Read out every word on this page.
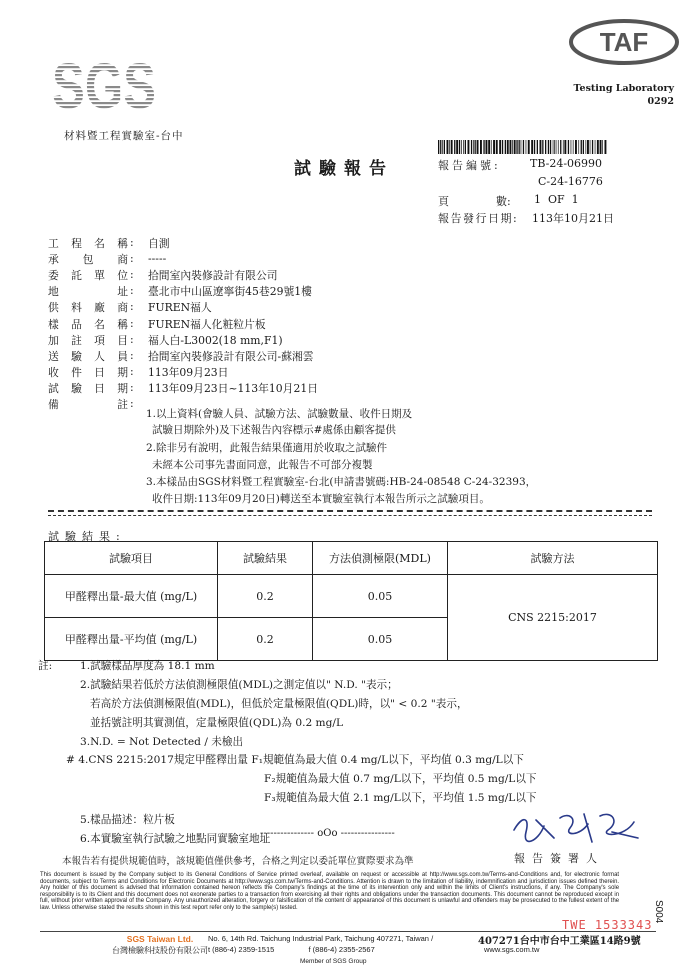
SGS
材料暨工程實驗室-台中
TAF
Testing Laboratory
0292
試驗報告	報告編號:	TB-24-06990
C-24-16776
頁	數: 1  OF  1
報告發行日期: 113年10月21日
工 程 名 稱 : 自測
承 包 商 : -----
委 託 單 位 : 拾間室內裝修設計有限公司
地	址 : 臺北市中山區遼寧街45巷29號1樓
供 料 廠 商 : FUREN福人
樣 品 名 稱 : FUREN福人化粧粒片板
加 註 項 目 : 福人白-L3002(18 mm,F1)
送 驗 人 員 : 拾間室內裝修設計有限公司-蘇湘雲
收 件 日 期 : 113年09月23日
試 驗 日 期 : 113年09月23日~113年10月21日
備	註 :
1.以上資料(會驗人員、試驗方法、試驗數量、收件日期及
試驗日期除外)及下述報告內容標示#處係由顧客提供
2.除非另有說明，此報告結果僅適用於收取之試驗件
未經本公司事先書面同意，此報告不可部分複製
3.本樣品由SGS材料暨工程實驗室-台北(申請書號碼:HB-24-08548 C-24-32393，
收件日期:113年09月20日)轉送至本實驗室執行本報告所示之試驗項目。
試驗結果:
試驗項目	試驗結果	方法偵測極限(MDL)	試驗方法
甲醛釋出量-最大值 (mg/L)	0.2	0.05	CNS 2215:2017
甲醛釋出量-平均值 (mg/L)	0.2	0.05	
註:	1.試驗樣品厚度為 18.1 mm
2.試驗結果若低於方法偵測極限值(MDL)之測定值以" N.D. "表示；
若高於方法偵測極限值(MDL)，但低於定量極限值(QDL)時，以" < 0.2 "表示，
並括號註明其實測值，定量極限值(QDL)為 0.2 mg/L
3.N.D. = Not Detected / 未檢出
# 4.CNS 2215:2017規定甲醛釋出量 F₁規範值為最大值 0.4 mg/L以下，平均值 0.3 mg/L以下
F₂規範值為最大值 0.7 mg/L以下，平均值 0.5 mg/L以下
F₃規範值為最大值 2.1 mg/L以下，平均值 1.5 mg/L以下
5.樣品描述：粒片板
6.本實驗室執行試驗之地點同實驗室地址
---------------- oOo ----------------
報告簽署人
本報告若有提供規範值時，該規範值僅供參考，合格之判定以委託單位實際要求為準
This document is issued by the Company subject to its General Conditions of Service printed overleaf, available on request or accessible at http://www.sgs.com.tw/Terms-and-Conditions and, for electronic format documents, subject to Terms and Conditions for Electronic Documents at http://www.sgs.com.tw/Terms-and-Conditions. Attention is drawn to the limitation of liability, indemnification and jurisdiction issues defined therein. Any holder of this document is advised that information contained hereon reflects the Company's findings at the time of its intervention only and within the limits of Client's instructions, if any. The Company's sole responsibility is to its Client and this document does not exonerate parties to a transaction from exercising all their rights and obligations under the transaction documents. This document cannot be reproduced except in full, without prior written approval of the Company. Any unauthorized alteration, forgery or falsification of the content or appearance of this document is unlawful and offenders may be prosecuted to the fullest extent of the law. Unless otherwise stated the results shown in this test report refer only to the sample(s) tested.
TWE 1533343
S004
SGS Taiwan Ltd.
台灣檢驗科技股份有限公司
No. 6, 14th Rd. Taichung Industrial Park, Taichung 407271, Taiwan /
t (886-4) 2359-1515	f (886-4) 2355-2567
407271台中市台中工業區14路9號
www.sgs.com.tw
Member of SGS Group
